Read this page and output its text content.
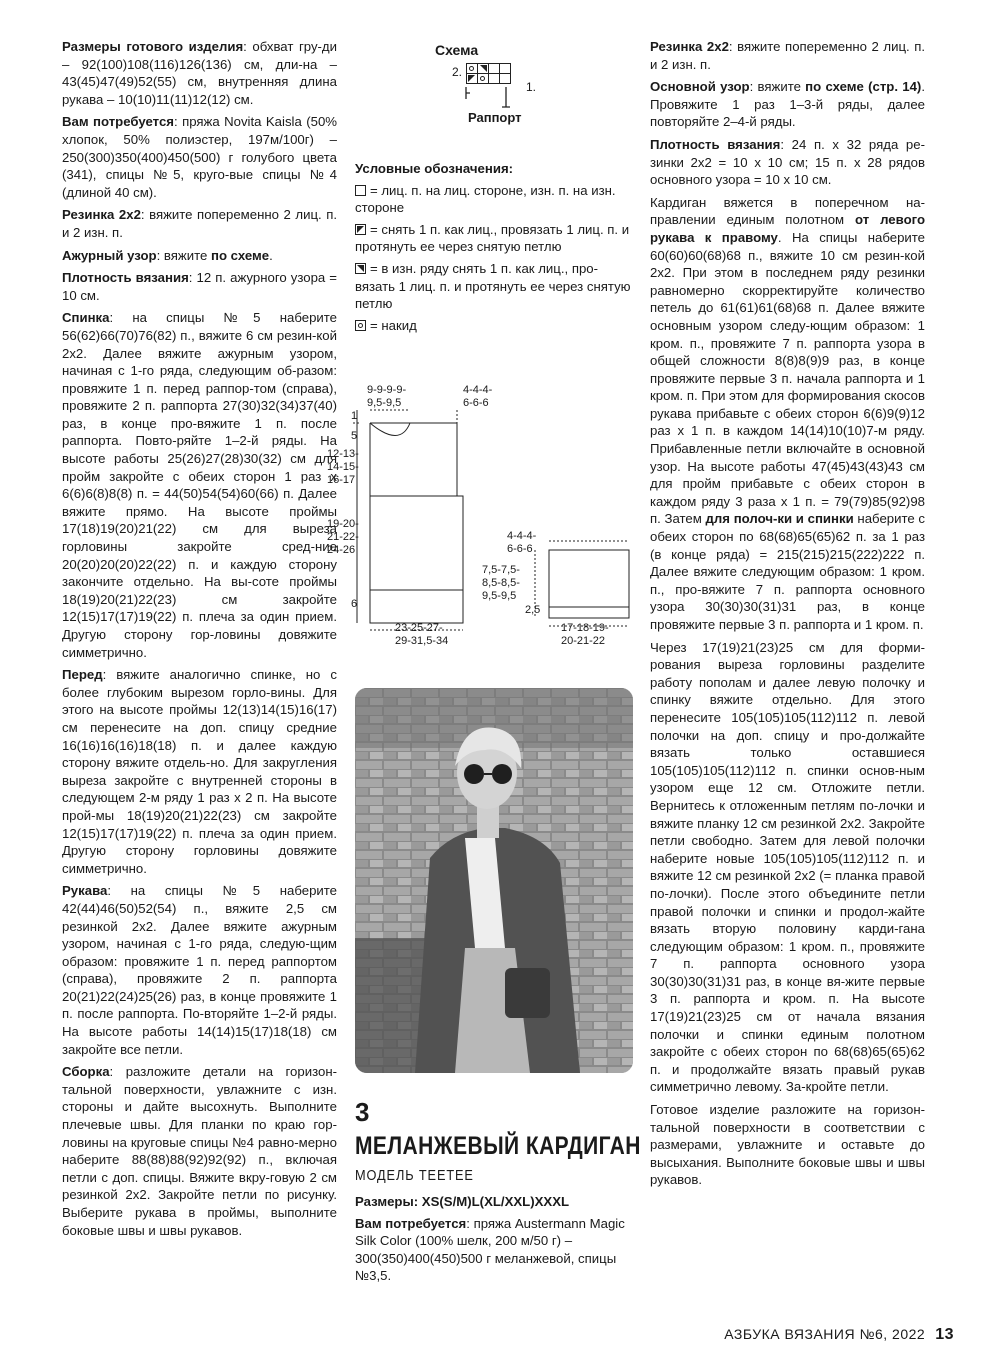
Размеры готового изделия: обхват гру-ди – 92(100)108(116)126(136) см, дли-на – 43(45)47(49)52(55) см, внутренняя длина рукава – 10(10)11(11)12(12) см.

Вам потребуется: пряжа Novita Kaisla (50% хлопок, 50% полиэстер, 197м/100г) – 250(300)350(400)450(500) г голубого цвета (341), спицы №5, круго-вые спицы №4 (длиной 40 см).

Резинка 2х2: вяжите попеременно 2 лиц. п. и 2 изн. п.

Ажурный узор: вяжите по схеме.

Плотность вязания: 12 п. ажурного узора = 10 см.

Спинка: на спицы №5 наберите 56(62)66(70)76(82) п., вяжите 6 см резин-кой 2х2. Далее вяжите ажурным узором, начиная с 1-го ряда, следующим об-разом: провяжите 1 п. перед раппор-том (справа), провяжите 2 п. раппорта 27(30)32(34)37(40) раз, в конце про-вяжите 1 п. после раппорта. Повто-ряйте 1–2-й ряды. На высоте работы 25(26)27(28)30(32) см для пройм закройте с обеих сторон 1 раз х 6(6)6(8)8(8) п. = 44(50)54(54)60(66) п. Далее вяжите прямо. На высоте проймы 17(18)19(20)21(22) см для выреза горловины закройте сред-ние 20(20)20(20)22(22) п. и каждую сторону закончите отдельно. На вы-соте проймы 18(19)20(21)22(23) см закройте 12(15)17(17)19(22) п. плеча за один прием. Другую сторону гор-ловины довяжите симметрично.

Перед: вяжите аналогично спинке, но с более глубоким вырезом горло-вины. Для этого на высоте проймы 12(13)14(15)16(17) см перенесите на доп. спицу средние 16(16)16(16)18(18) п. и далее каждую сторону вяжите отдель-но. Для закругления выреза закройте с внутренней стороны в следующем 2-м ряду 1 раз х 2 п. На высоте прой-мы 18(19)20(21)22(23) см закройте 12(15)17(17)19(22) п. плеча за один прием. Другую сторону горловины довяжите симметрично.

Рукава: на спицы №5 наберите 42(44)46(50)52(54) п., вяжите 2,5 см резинкой 2х2. Далее вяжите ажурным узором, начиная с 1-го ряда, следую-щим образом: провяжите 1 п. перед раппортом (справа), провяжите 2 п. раппорта 20(21)22(24)25(26) раз, в конце провяжите 1 п. после раппорта. По-вторяйте 1–2-й ряды. На высоте работы 14(14)15(17)18(18) см закройте все петли.

Сборка: разложите детали на горизон-тальной поверхности, увлажните с изн. стороны и дайте высохнуть. Выполните плечевые швы. Для планки по краю гор-ловины на круговые спицы №4 равно-мерно наберите 88(88)88(92)92(92) п., включая петли с доп. спицы. Вяжите вкру-говую 2 см резинкой 2х2. Закройте петли по рисунку. Выберите рукава в проймы, выполните боковые швы и швы рукавов.

Схема
2.
1.
Раппорт

Условные обозначения:

= лиц. п. на лиц. стороне, изн. п. на изн. стороне

= снять 1 п. как лиц., провязать 1 лиц. п. и протянуть ее через снятую петлю

= в изн. ряду снять 1 п. как лиц., про-вязать 1 лиц. п. и протянуть ее через снятую петлю

= накид

9-9-9-9-
9,5-9,5
4-4-4-
6-6-6
1
5
12-13-
14-15-
16-17
19-20-
21-22-
24-26
6
23-25-27-
29-31,5-34
4-4-4-
6-6-6
7,5-7,5-
8,5-8,5-
9,5-9,5
2,5
17-18-19-
20-21-22
3
МЕЛАНЖЕВЫЙ КАРДИГАН
МОДЕЛЬ TEETEE

Размеры: XS(S/M)L(XL/XXL)XXXL

Вам потребуется: пряжа Austermann Magic Silk Color (100% шелк, 200 м/50 г) – 300(350)400(450)500 г меланжевой, спицы №3,5.

Резинка 2х2: вяжите попеременно 2 лиц. п. и 2 изн. п.

Основной узор: вяжите по схеме (стр. 14). Провяжите 1 раз 1–3-й ряды, далее повторяйте 2–4-й ряды.

Плотность вязания: 24 п. х 32 ряда ре-зинки 2х2 = 10 х 10 см; 15 п. х 28 рядов основного узора = 10 х 10 см.

Кардиган вяжется в поперечном на-правлении единым полотном от левого рукава к правому. На спицы наберите 60(60)60(68)68 п., вяжите 10 см резин-кой 2х2. При этом в последнем ряду резинки равномерно скорректируйте количество петель до 61(61)61(68)68 п. Далее вяжите основным узором следу-ющим образом: 1 кром. п., провяжите 7 п. раппорта узора в общей сложности 8(8)8(9)9 раз, в конце провяжите первые 3 п. начала раппорта и 1 кром. п. При этом для формирования скосов рукава прибавьте с обеих сторон 6(6)9(9)12 раз х 1 п. в каждом 14(14)10(10)7-м ряду. Прибавленные петли включайте в основной узор. На высоте работы 47(45)43(43)43 см для пройм прибавьте с обеих сторон в каждом ряду 3 раза х 1 п. = 79(79)85(92)98 п. Затем для полоч-ки и спинки наберите с обеих сторон по 68(68)65(65)62 п. за 1 раз (в конце ряда) = 215(215)215(222)222 п. Далее вяжите следующим образом: 1 кром. п., про-вяжите 7 п. раппорта основного узора 30(30)30(31)31 раз, в конце провяжите первые 3 п. раппорта и 1 кром. п.

Через 17(19)21(23)25 см для форми-рования выреза горловины разделите работу пополам и далее левую полочку и спинку вяжите отдельно. Для этого перенесите 105(105)105(112)112 п. левой полочки на доп. спицу и про-должайте вязать только оставшиеся 105(105)105(112)112 п. спинки основ-ным узором еще 12 см. Отложите петли. Вернитесь к отложенным петлям по-лочки и вяжите планку 12 см резинкой 2х2. Закройте петли свободно. Затем для левой полочки наберите новые 105(105)105(112)112 п. и вяжите 12 см резинкой 2х2 (= планка правой по-лочки). После этого объедините петли правой полочки и спинки и продол-жайте вязать вторую половину карди-гана следующим образом: 1 кром. п., провяжите 7 п. раппорта основного узора 30(30)30(31)31 раз, в конце вя-жите первые 3 п. раппорта и кром. п. На высоте 17(19)21(23)25 см от начала вязания полочки и спинки единым полотном закройте с обеих сторон по 68(68)65(65)62 п. и продолжайте вязать правый рукав симметрично левому. За-кройте петли.

Готовое изделие разложите на горизон-тальной поверхности в соответствии с размерами, увлажните и оставьте до высыхания. Выполните боковые швы и швы рукавов.

АЗБУКА ВЯЗАНИЯ №6, 2022 13
